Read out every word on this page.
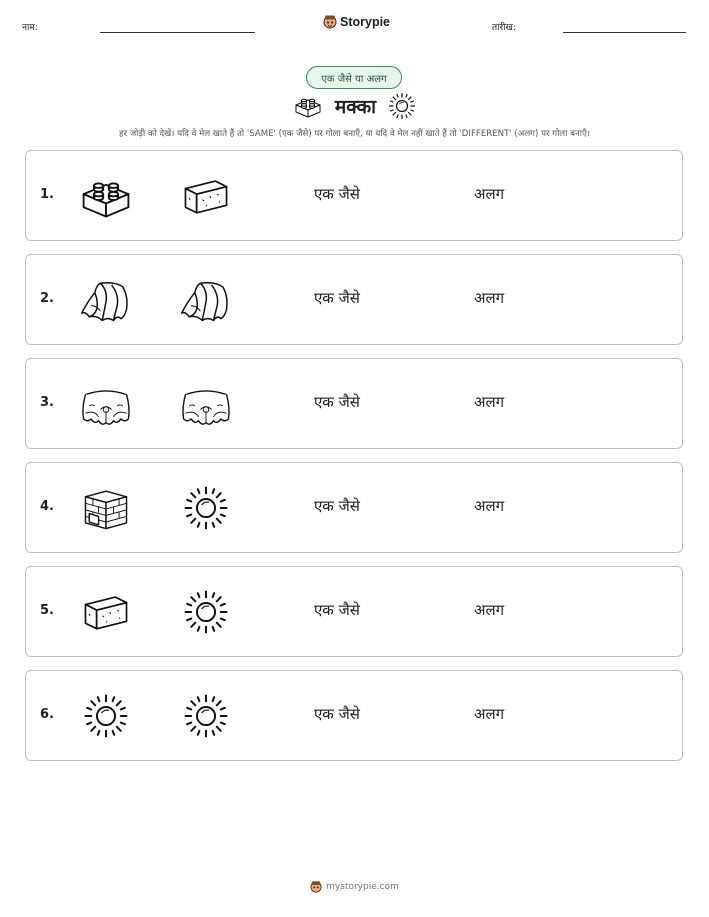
नाम:	Storypie	तारीख:
एक जैसे या अलग
मक्का
हर जोड़ी को देखें। यदि वे मेल खाते हैं तो 'SAME' (एक जैसे) पर गोला बनाएँ, या यदि वे मेल नहीं खाते हैं तो 'DIFFERENT' (अलग) पर गोला बनाएँ।
1.	एक जैसे	अलग
2.	एक जैसे	अलग
3.	एक जैसे	अलग
4.	एक जैसे	अलग
5.	एक जैसे	अलग
6.	एक जैसे	अलग
mystorypie.com
